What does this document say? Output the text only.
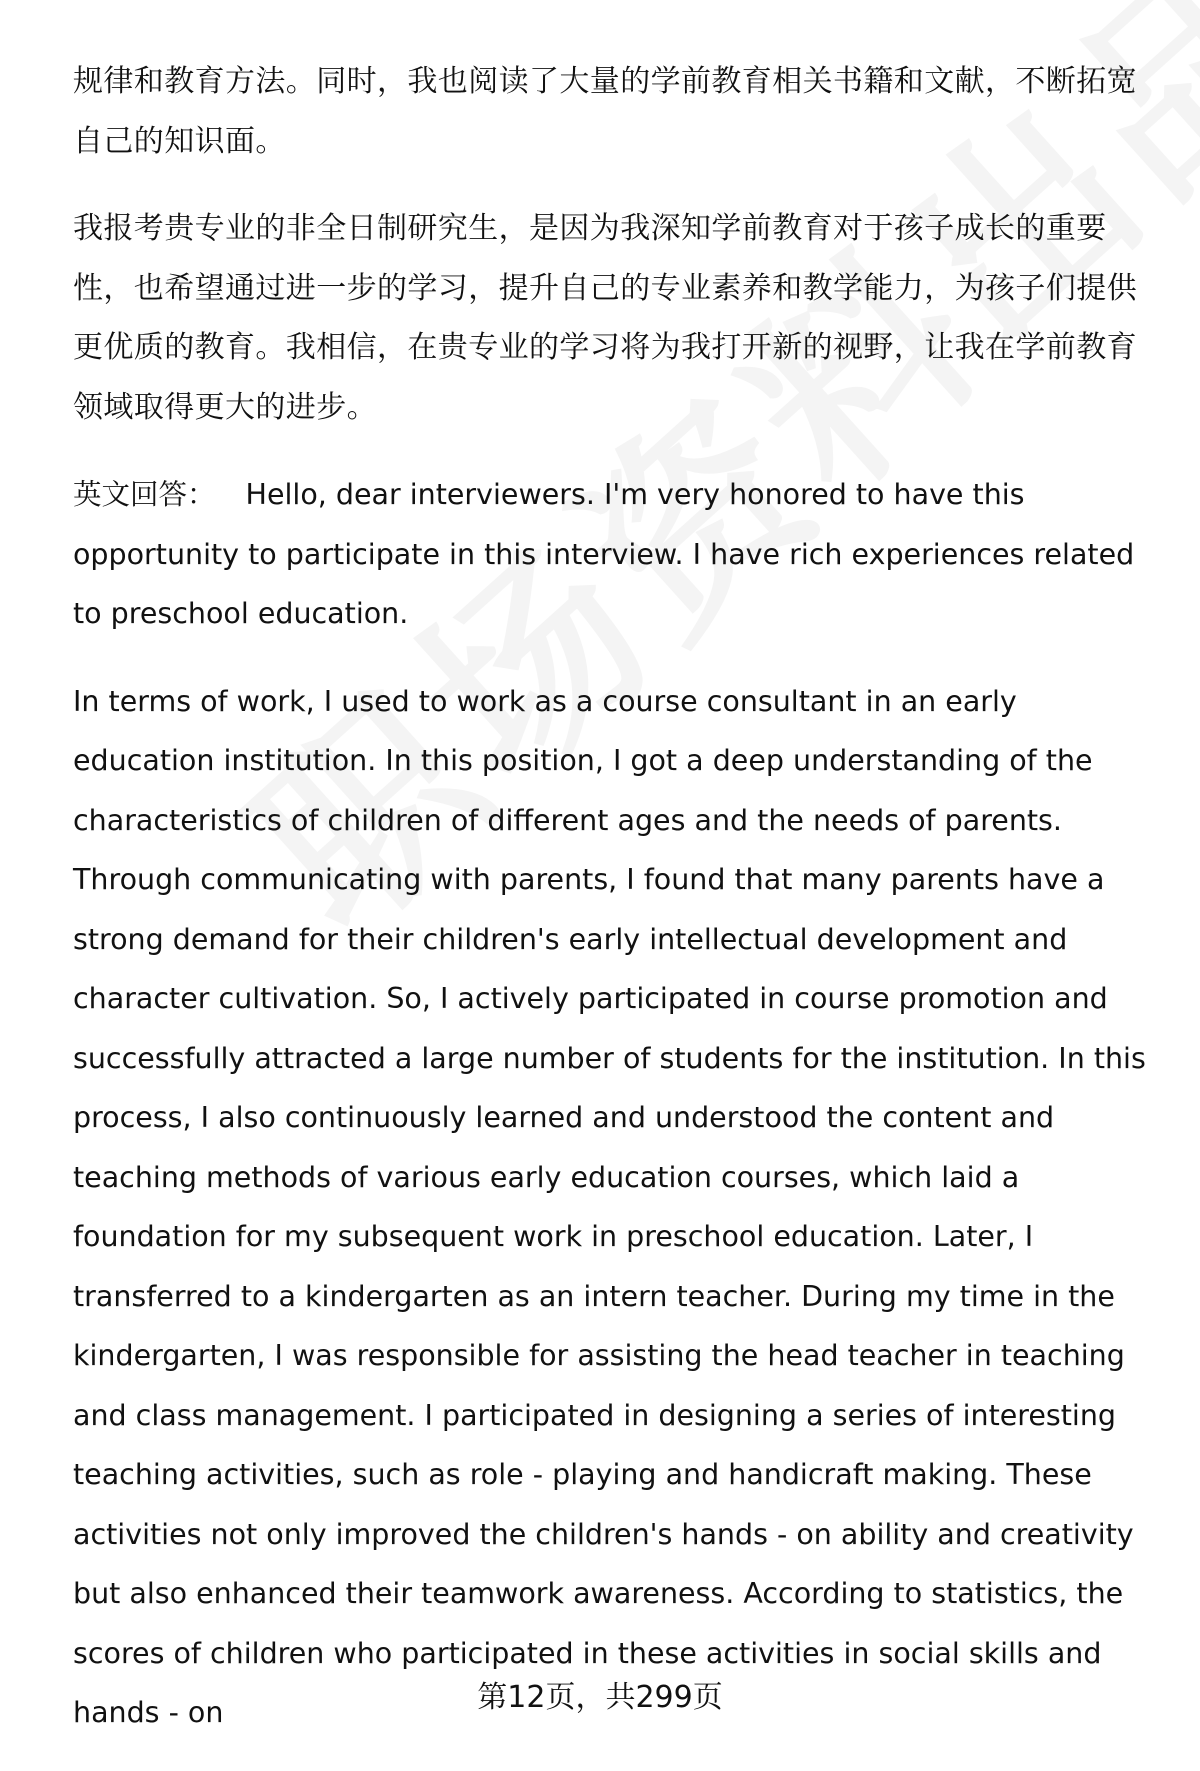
规律和教育方法。同时，我也阅读了大量的学前教育相关书籍和文献，不断拓宽自己的知识面。

我报考贵专业的非全日制研究生，是因为我深知学前教育对于孩子成长的重要性，也希望通过进一步的学习，提升自己的专业素养和教学能力，为孩子们提供更优质的教育。我相信，在贵专业的学习将为我打开新的视野，让我在学前教育领域取得更大的进步。

英文回答： Hello, dear interviewers. I'm very honored to have this opportunity to participate in this interview. I have rich experiences related to preschool education.

In terms of work, I used to work as a course consultant in an early education institution. In this position, I got a deep understanding of the characteristics of children of different ages and the needs of parents. Through communicating with parents, I found that many parents have a strong demand for their children's early intellectual development and character cultivation. So, I actively participated in course promotion and successfully attracted a large number of students for the institution. In this process, I also continuously learned and understood the content and teaching methods of various early education courses, which laid a foundation for my subsequent work in preschool education. Later, I transferred to a kindergarten as an intern teacher. During my time in the kindergarten, I was responsible for assisting the head teacher in teaching and class management. I participated in designing a series of interesting teaching activities, such as role - playing and handicraft making. These activities not only improved the children's hands - on ability and creativity but also enhanced their teamwork awareness. According to statistics, the scores of children who participated in these activities in social skills and hands - on	第12页，共299页
